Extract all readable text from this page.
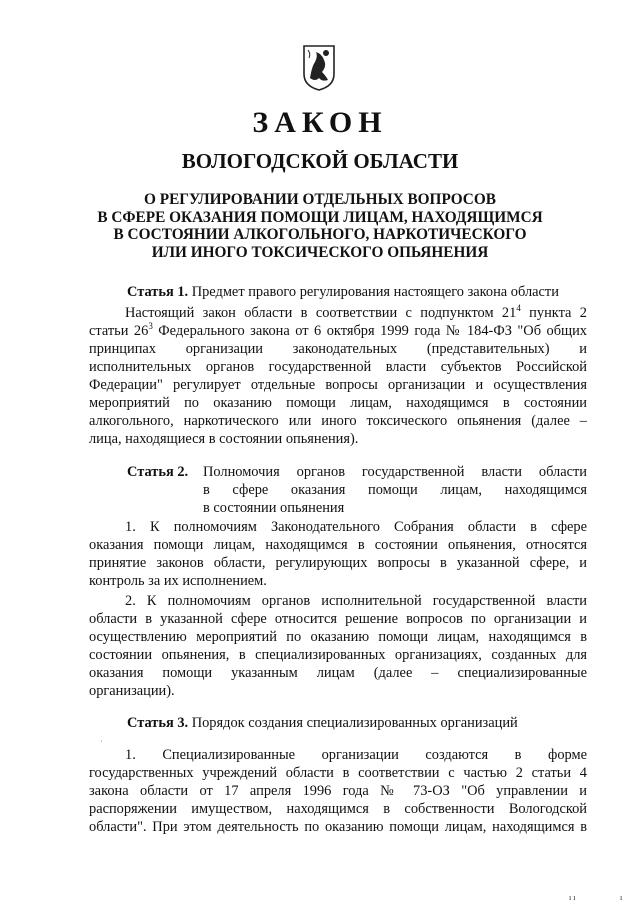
ЗАКОН
ВОЛОГОДСКОЙ ОБЛАСТИ
О РЕГУЛИРОВАНИИ ОТДЕЛЬНЫХ ВОПРОСОВ
В СФЕРЕ ОКАЗАНИЯ ПОМОЩИ ЛИЦАМ, НАХОДЯЩИМСЯ
В СОСТОЯНИИ АЛКОГОЛЬНОГО, НАРКОТИЧЕСКОГО
ИЛИ ИНОГО ТОКСИЧЕСКОГО ОПЬЯНЕНИЯ
Статья 1. Предмет правого регулирования настоящего закона области
Настоящий закон области в соответствии с подпунктом $21^4$ пункта 2
статьи $26^3$ Федерального закона от 6 октября 1999 года № 184-ФЗ "Об общих
принципах организации законодательных (представительных) и
исполнительных органов государственной власти субъектов Российской
Федерации" регулирует отдельные вопросы организации и осуществления
мероприятий по оказанию помощи лицам, находящимся в состоянии
алкогольного, наркотического или иного токсического опьянения (далее –
лица, находящиеся в состоянии опьянения).
Статья 2. Полномочия органов государственной власти области
в сфере оказания помощи лицам, находящимся
в состоянии опьянения
1. К полномочиям Законодательного Собрания области в сфере
оказания помощи лицам, находящимся в состоянии опьянения, относятся
принятие законов области, регулирующих вопросы в указанной сфере, и
контроль за их исполнением.
2. К полномочиям органов исполнительной государственной власти
области в указанной сфере относится решение вопросов по организации и
осуществлению мероприятий по оказанию помощи лицам, находящимся в
состоянии опьянения, в специализированных организациях, созданных для
оказания помощи указанным лицам (далее – специализированные
организации).
Статья 3. Порядок создания специализированных организаций
1. Специализированные организации создаются в форме
государственных учреждений области в соответствии с частью 2 статьи 4
закона области от 17 апреля 1996 года № 73-ОЗ "Об управлении и
распоряжении имуществом, находящимся в собственности Вологодской
области". При этом деятельность по оказанию помощи лицам, находящимся в
˙
ı ı	ı
